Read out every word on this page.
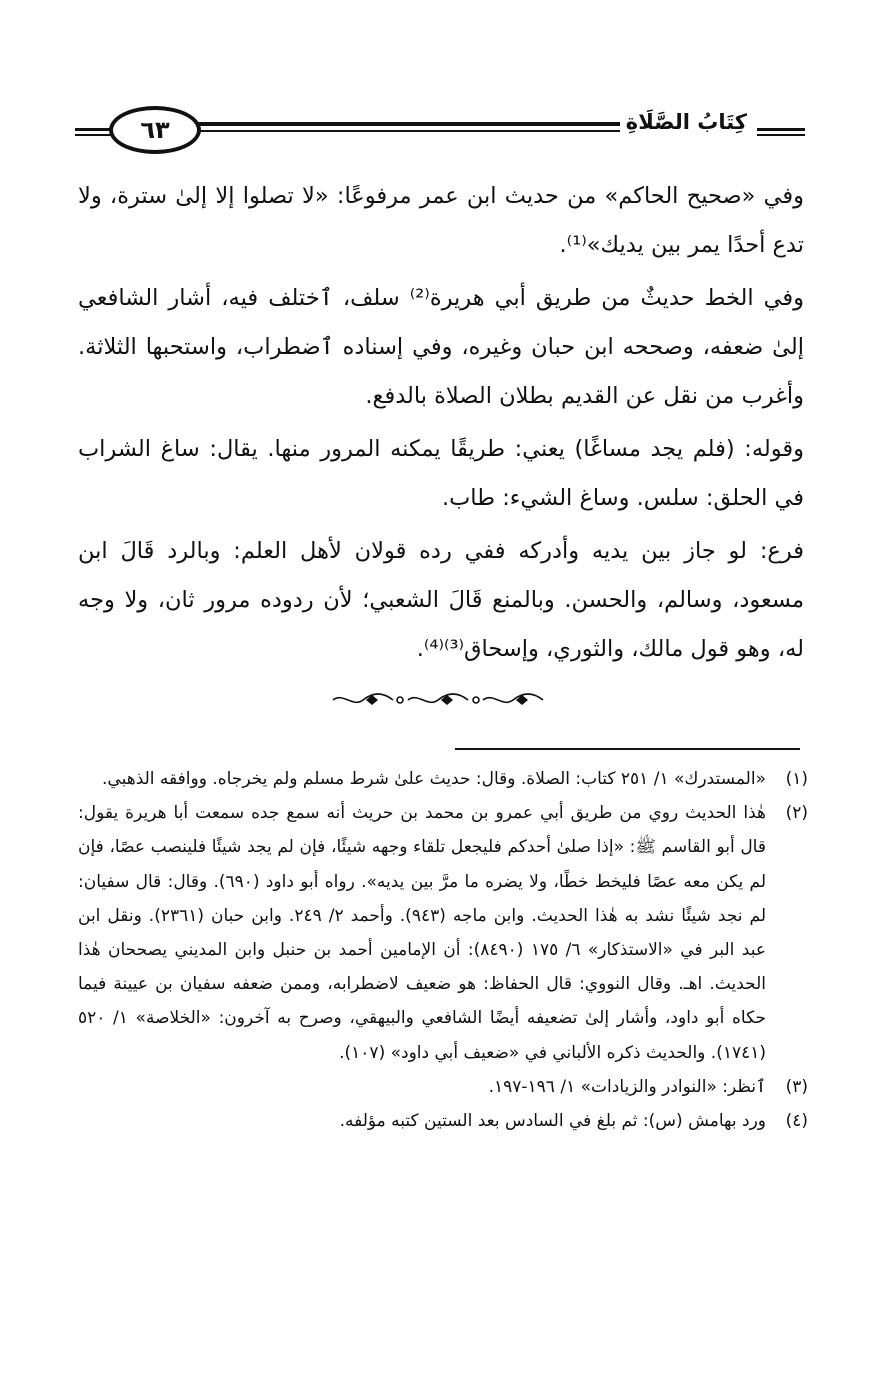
٦٣	كِتَابُ الصَّلَاةِ

وفي «صحيح الحاكم» من حديث ابن عمر مرفوعًا: «لا تصلوا إلا إلىٰ سترة، ولا تدع أحدًا يمر بين يديك»⁽¹⁾.

وفي الخط حديثٌ من طريق أبي هريرة⁽²⁾ سلف، ٱختلف فيه، أشار الشافعي إلىٰ ضعفه، وصححه ابن حبان وغيره، وفي إسناده ٱضطراب، واستحبها الثلاثة. وأغرب من نقل عن القديم بطلان الصلاة بالدفع.

وقوله: (فلم يجد مساغًا) يعني: طريقًا يمكنه المرور منها. يقال: ساغ الشراب في الحلق: سلس. وساغ الشيء: طاب.

فرع: لو جاز بين يديه وأدركه ففي رده قولان لأهل العلم: وبالرد قَالَ ابن مسعود، وسالم، والحسن. وبالمنع قَالَ الشعبي؛ لأن ردوده مرور ثان، ولا وجه له، وهو قول مالك، والثوري، وإسحاق⁽³⁾⁽⁴⁾.

(١)
«المستدرك» ١/ ٢٥١ كتاب: الصلاة. وقال: حديث علىٰ شرط مسلم ولم يخرجاه. ووافقه الذهبي.
(٢)
هٰذا الحديث روي من طريق أبي عمرو بن محمد بن حريث أنه سمع جده سمعت أبا هريرة يقول: قال أبو القاسم ﷺ: «إذا صلىٰ أحدكم فليجعل تلقاء وجهه شيئًا، فإن لم يجد شيئًا فلينصب عصًا، فإن لم يكن معه عصًا فليخط خطًا، ولا يضره ما مرَّ بين يديه». رواه أبو داود (٦٩٠). وقال: قال سفيان: لم نجد شيئًا نشد به هٰذا الحديث. وابن ماجه (٩٤٣). وأحمد ٢/ ٢٤٩. وابن حبان (٢٣٦١). ونقل ابن عبد البر في «الاستذكار» ٦/ ١٧٥ (٨٤٩٠): أن الإمامين أحمد بن حنبل وابن المديني يصححان هٰذا الحديث. اهـ. وقال النووي: قال الحفاظ: هو ضعيف لاضطرابه، وممن ضعفه سفيان بن عيينة فيما حكاه أبو داود، وأشار إلىٰ تضعيفه أيضًا الشافعي والبيهقي، وصرح به آخرون: «الخلاصة» ١/ ٥٢٠ (١٧٤١). والحديث ذكره الألباني في «ضعيف أبي داود» (١٠٧).
(٣)
ٱنظر: «النوادر والزيادات» ١/ ١٩٦-١٩٧.
(٤)
ورد بهامش (س): ثم بلغ في السادس بعد الستين كتبه مؤلفه.
